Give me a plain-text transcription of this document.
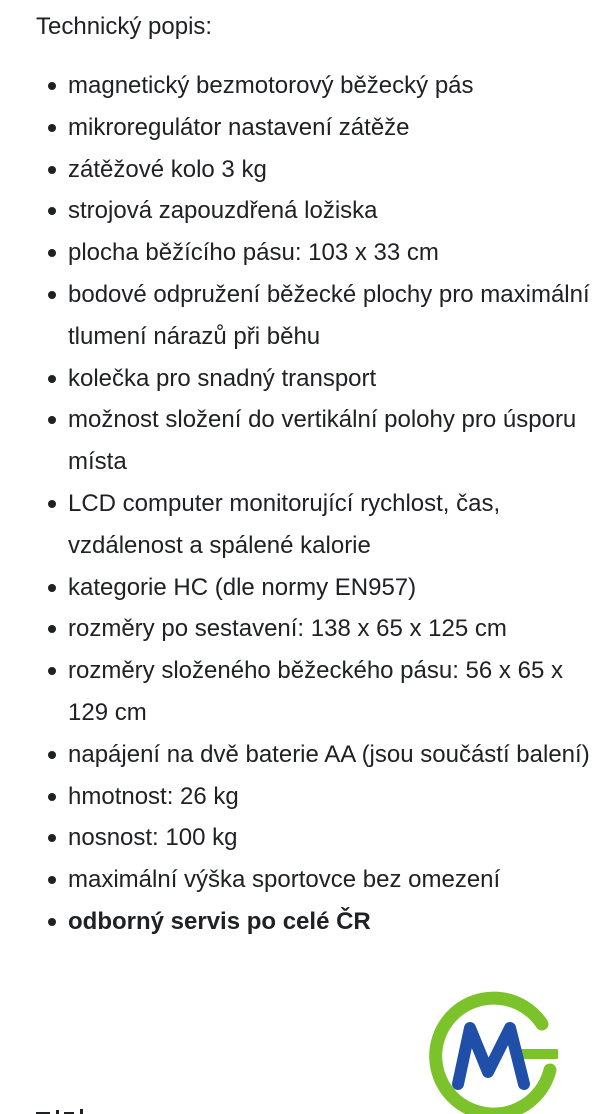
Technický popis:
magnetický bezmotorový běžecký pás
mikroregulátor nastavení zátěže
zátěžové kolo 3 kg
strojová zapouzdřená ložiska
plocha běžícího pásu: 103 x 33 cm
bodové odpružení běžecké plochy pro maximální tlumení nárazů při běhu
kolečka pro snadný transport
možnost složení do vertikální polohy pro úsporu místa
LCD computer monitorující rychlost, čas, vzdálenost a spálené kalorie
kategorie HC (dle normy EN957)
rozměry po sestavení: 138 x 65 x 125 cm
rozměry složeného běžeckého pásu: 56 x 65 x 129 cm
napájení na dvě baterie AA (jsou součástí balení)
hmotnost: 26 kg
nosnost: 100 kg
maximální výška sportovce bez omezení
odborný servis po celé ČR
